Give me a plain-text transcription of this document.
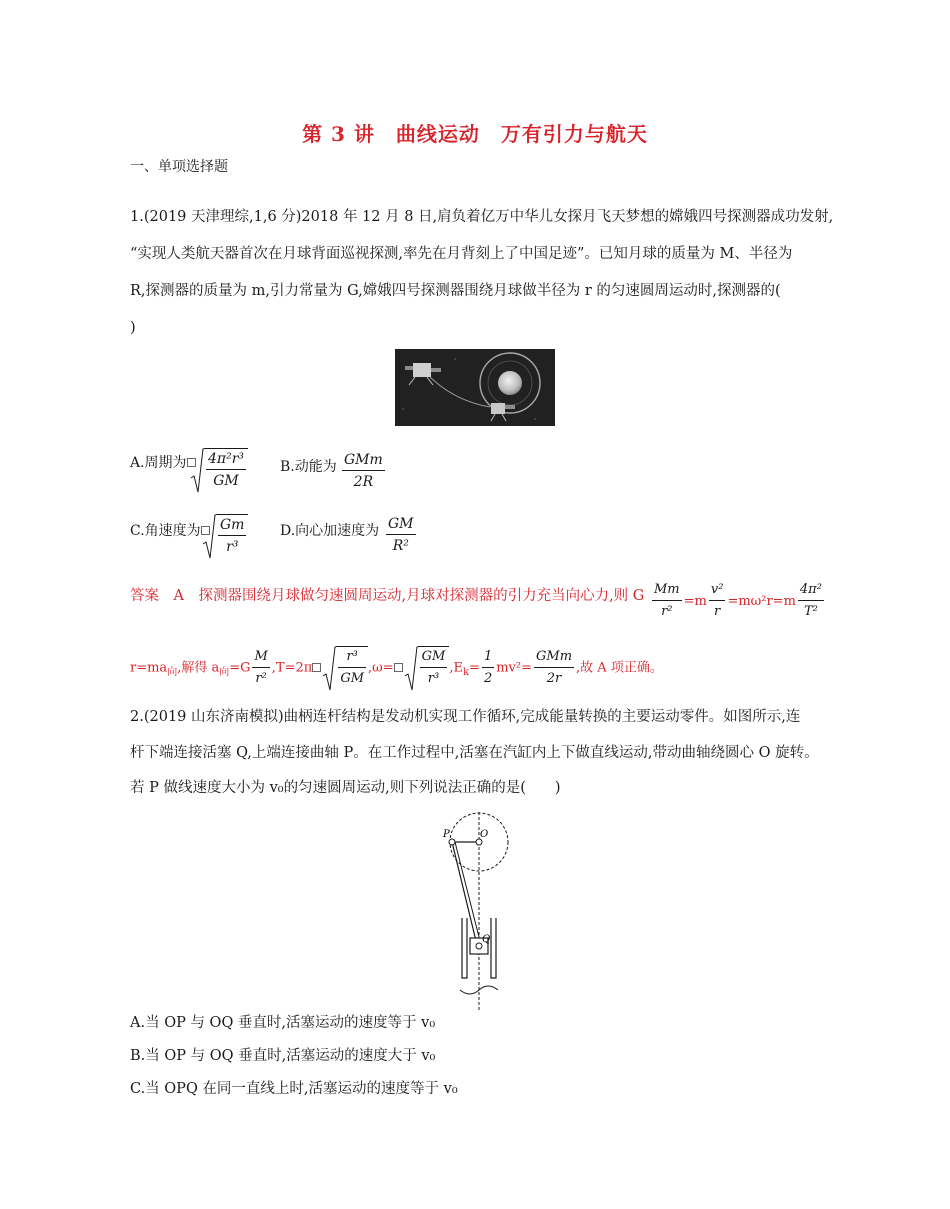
第 3 讲　曲线运动　万有引力与航天
一、单项选择题
1.(2019 天津理综,1,6 分)2018 年 12 月 8 日,肩负着亿万中华儿女探月飞天梦想的嫦娥四号探测器成功发射,
“实现人类航天器首次在月球背面巡视探测,率先在月背刻上了中国足迹”。已知月球的质量为 M、半径为
R,探测器的质量为 m,引力常量为 G,嫦娥四号探测器围绕月球做半径为 r 的匀速圆周运动时,探测器的(
)
A.周期为	$\frac{\text{4π²r³}}{GM} B$.动能为 $\frac{\text{GMm}}{2R}$
C.角速度为	$\frac{Gm}{\text{r³}} D$.向心加速度为 $\frac{GM}{\text{R²}}$
答案　A　探测器围绕月球做匀速圆周运动,月球对探测器的引力充当向心力,则 G $\frac{Mm}{\text{r²}} =m \frac{\text{v²}}{r} =m\omega^2r=m \frac{\text{4π²}}{\text{T²}}$
$r=ma_向$,解得 $a_向=G \frac{M}{\text{r²}} ,T=2\pi \frac{\text{r³}}{GM} ,\omega= \frac{GM}{\text{r³}} ,E_k= \frac{1}{2} mv^2= \frac{\text{GMm}}{2r}$ ,故 A 项正确。
2.(2019 山东济南模拟)曲柄连杆结构是发动机实现工作循环,完成能量转换的主要运动零件。如图所示,连
杆下端连接活塞 Q,上端连接曲轴 P。在工作过程中,活塞在汽缸内上下做直线运动,带动曲轴绕圆心 O 旋转。
若 P 做线速度大小为 v₀的匀速圆周运动,则下列说法正确的是(　　)
P	O
Q
A.当 OP 与 OQ 垂直时,活塞运动的速度等于 v₀
B.当 OP 与 OQ 垂直时,活塞运动的速度大于 v₀
C.当 OPQ 在同一直线上时,活塞运动的速度等于 v₀
